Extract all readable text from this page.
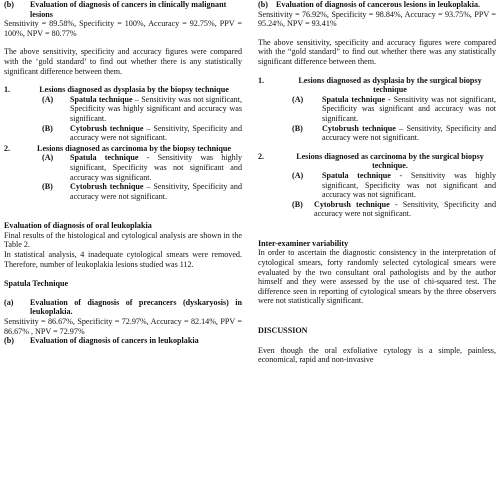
(b)	Evaluation of diagnosis of cancers in clinically malignant lesions

Sensitivity = 89.58%, Specificity = 100%, Accuracy = 92.75%, PPV = 100%, NPV = 80.77%

The above sensitivity, specificity and accuracy figures were compared with the ‘gold standard’ to find out whether there is any statistically significant difference between them.

1.	Lesions diagnosed as dysplasia by the biopsy technique
(A)	Spatula technique – Sensitivity was not significant, Specificity was highly significant and accuracy was significant.
(B)	Cytobrush technique – Sensitivity, Specificity and accuracy were not significant.
2.	Lesions diagnosed as carcinoma by the biopsy technique
(A)	Spatula technique - Sensitivity was highly significant, Specificity was not significant and accuracy was significant.
(B)	Cytobrush technique – Sensitivity, Specificity and accuracy were not significant.

Evaluation of diagnosis of oral leukoplakia

Final results of the histological and cytological analysis are shown in the Table 2.

In statistical analysis, 4 inadequate cytological smears were removed. Therefore, number of leukoplakia lesions studied was 112.

Spatula Technique

(a)	Evaluation of diagnosis of precancers (dyskaryosis) in leukoplakia.

Sensitivity = 86.67%, Specificity = 72.97%, Accuracy = 82.14%, PPV = 86.67% , NPV = 72.97%

(b)	Evaluation of diagnosis of cancers in leukoplakia
(b) Evaluation of diagnosis of cancerous lesions in leukoplakia.

Sensitivity = 76.92%, Specificity = 98.84%, Accuracy = 93.75%, PPV = 95.24%, NPV = 93.41%

The above sensitivity, specificity and accuracy figures were compared with the “gold standard” to find out whether there was any statistically significant difference between them.

1.	Lesions diagnosed as dysplasia by the surgical biopsy technique
(A)	Spatula technique - Sensitivity was not significant, Specificity was significant and accuracy was not significant.
(B)	Cytobrush technique – Sensitivity, Specificity and accuracy were not significant.
2.	Lesions diagnosed as carcinoma by the surgical biopsy technique.
(A)	Spatula technique - Sensitivity was highly significant, Specificity was not significant and accuracy was not significant.
(B)	Cytobrush technique - Sensitivity, Specificity and accuracy were not significant.

Inter-examiner variability

In order to ascertain the diagnostic consistency in the interpretation of cytological smears, forty randomly selected cytological smears were evaluated by the two consultant oral pathologists and by the author himself and they were assessed by the use of chi-squared test. The difference seen in reporting of cytological smears by the three observers were not statistically significant.

DISCUSSION

Even though the oral exfoliative cytology is a simple, painless, economical, rapid and non-invasive
